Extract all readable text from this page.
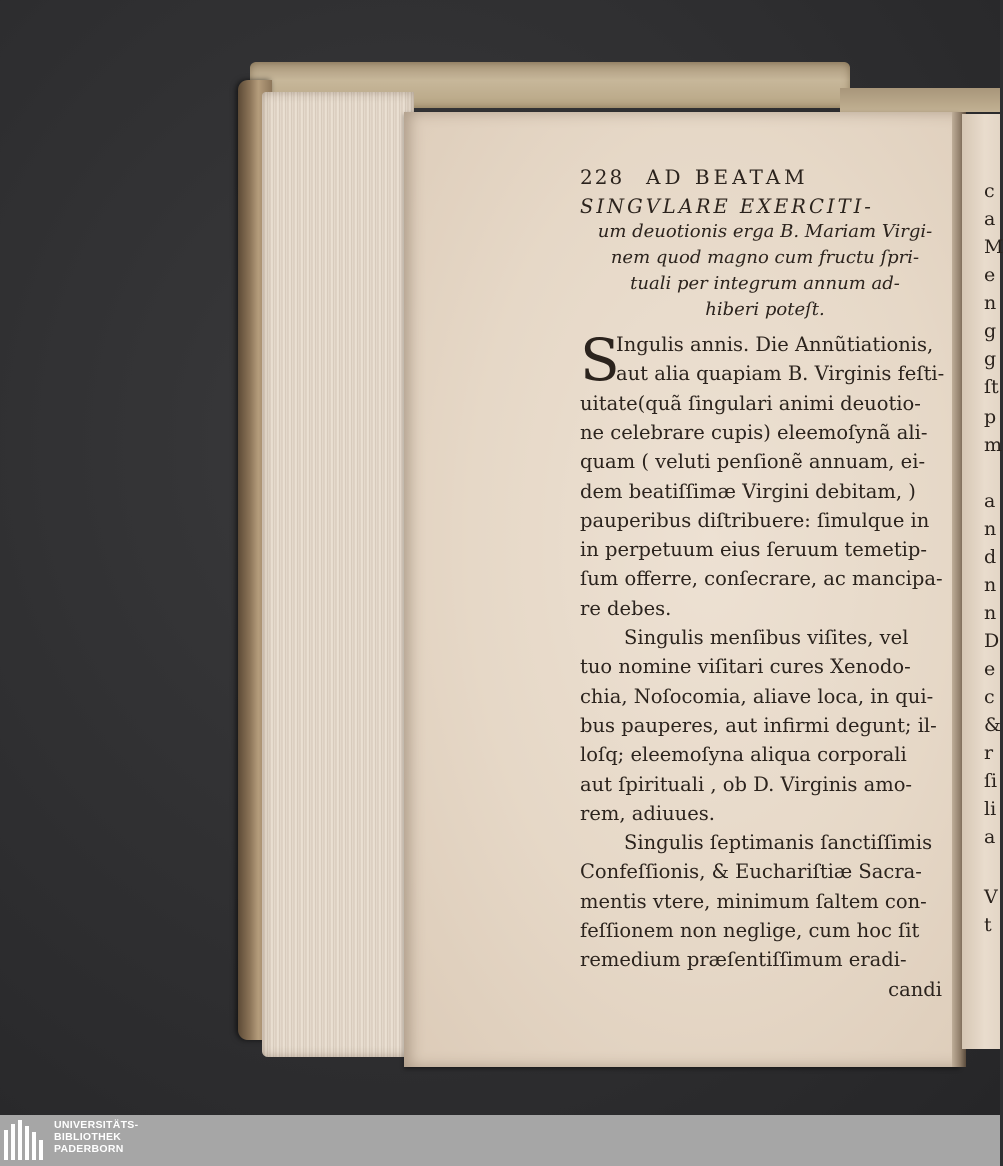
c
a
M
e
n
g
g
ſt
p
m
a
n
d
n
n
D
e
c
&
r
ſi
li
a
V
t
228 AD BEATAM
SINGVLARE EXERCITI-
um deuotionis erga B. Mariam Virgi-
nem quod magno cum fructu ſpri-
tuali per integrum annum ad-
hiberi poteſt.
S
Ingulis annis. Die Annũtiationis,
aut alia quapiam B. Virginis feſti-
uitate(quã ſingulari animi deuotio-
ne celebrare cupis) eleemoſynã ali-
quam ( veluti penſionẽ annuam, ei-
dem beatiſſimæ Virgini debitam, )
pauperibus diſtribuere: ſimulque in
in perpetuum eius ſeruum temetip-
ſum offerre, conſecrare, ac mancipa-
re debes.
Singulis menſibus viſites, vel
tuo nomine viſitari cures Xenodo-
chia, Noſocomia, aliave loca, in qui-
bus pauperes, aut infirmi degunt; il-
loſq; eleemoſyna aliqua corporali
aut ſpirituali , ob D. Virginis amo-
rem, adiuues.
Singulis ſeptimanis ſanctiſſimis
Confeſſionis, & Euchariſtiæ Sacra-
mentis vtere, minimum ſaltem con-
feſſionem non neglige, cum hoc ſit
remedium præſentiſſimum eradi-
candi
UNIVERSITÄTS-
BIBLIOTHEK
PADERBORN
